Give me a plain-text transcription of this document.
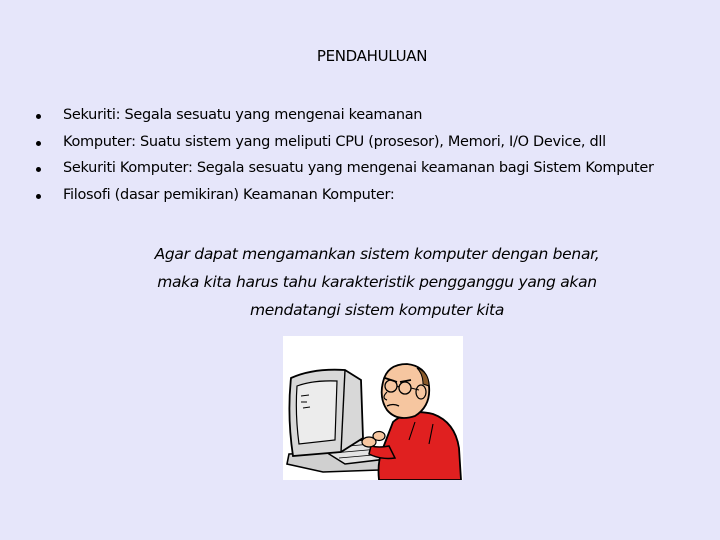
PENDAHULUAN
Sekuriti: Segala sesuatu yang mengenai keamanan
Komputer: Suatu sistem yang meliputi CPU (prosesor), Memori, I/O Device, dll
Sekuriti Komputer: Segala sesuatu yang mengenai keamanan bagi Sistem Komputer
Filosofi (dasar pemikiran) Keamanan Komputer:
Agar dapat mengamankan sistem komputer dengan benar,
maka kita harus tahu karakteristik pengganggu yang akan
mendatangi sistem komputer kita
